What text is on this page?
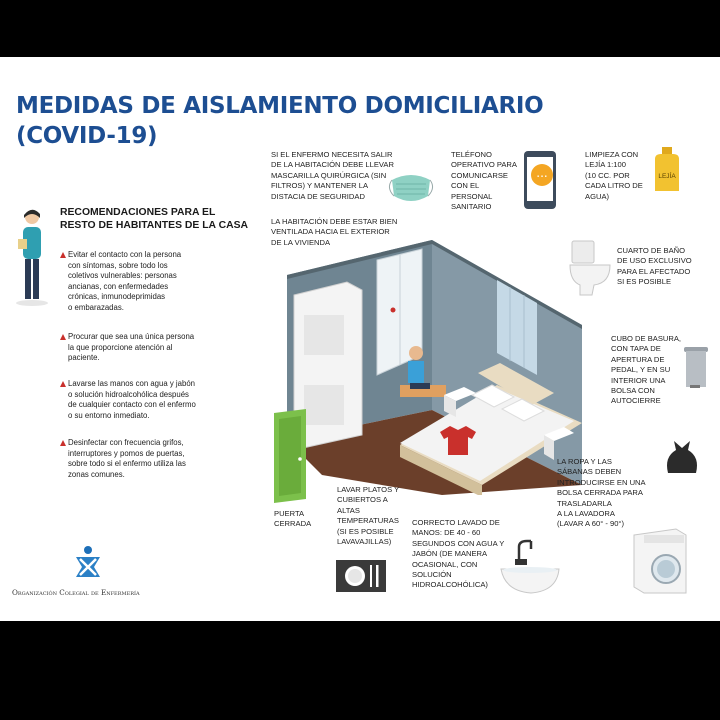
MEDIDAS DE AISLAMIENTO DOMICILIARIO
(COVID-19)
RECOMENDACIONES PARA EL
RESTO DE HABITANTES DE LA CASA
Evitar el contacto con la persona
con síntomas, sobre todo los
coletivos vulnerables: personas
ancianas, con enfermedades
crónicas, inmunodeprimidas
o embarazadas.
Procurar que sea una única persona
la que proporcione atención al
paciente.
Lavarse las manos con agua y jabón
o solución hidroalcohólica después
de cualquier contacto con el enfermo
o su entorno inmediato.
Desinfectar con frecuencia grifos,
interruptores y pomos de puertas,
sobre todo si el enfermo utiliza las
zonas comunes.
Organización Colegial de Enfermería
SI EL ENFERMO NECESITA SALIR
DE LA HABITACIÓN DEBE LLEVAR
MASCARILLA QUIRÚRGICA (SIN
FILTROS) Y MANTENER LA
DISTACIA DE SEGURIDAD
TELÉFONO
OPERATIVO PARA
COMUNICARSE
CON EL
PERSONAL
SANITARIO
...
LIMPIEZA CON
LEJÍA 1:100
(10 CC. POR
CADA LITRO DE
AGUA)
LEJÍA
LA HABITACIÓN DEBE ESTAR BIEN
VENTILADA HACIA EL EXTERIOR
DE LA VIVIENDA
CUARTO DE BAÑO
DE USO EXCLUSIVO
PARA EL AFECTADO
SI ES POSIBLE
CUBO DE BASURA,
CON TAPA DE
APERTURA DE
PEDAL, Y EN SU
INTERIOR UNA
BOLSA CON
AUTOCIERRE
LA ROPA Y LAS
SÁBANAS DEBEN
INTRODUCIRSE EN UNA
BOLSA CERRADA PARA
TRASLADARLA
A LA LAVADORA
(LAVAR A 60° - 90°)
PUERTA
CERRADA
LAVAR PLATOS Y
CUBIERTOS A
ALTAS
TEMPERATURAS
(SI ES POSIBLE
LAVAVAJILLAS)
CORRECTO LAVADO DE
MANOS: DE 40 - 60
SEGUNDOS CON AGUA Y
JABÓN (DE MANERA
OCASIONAL, CON
SOLUCIÓN
HIDROALCOHÓLICA)
